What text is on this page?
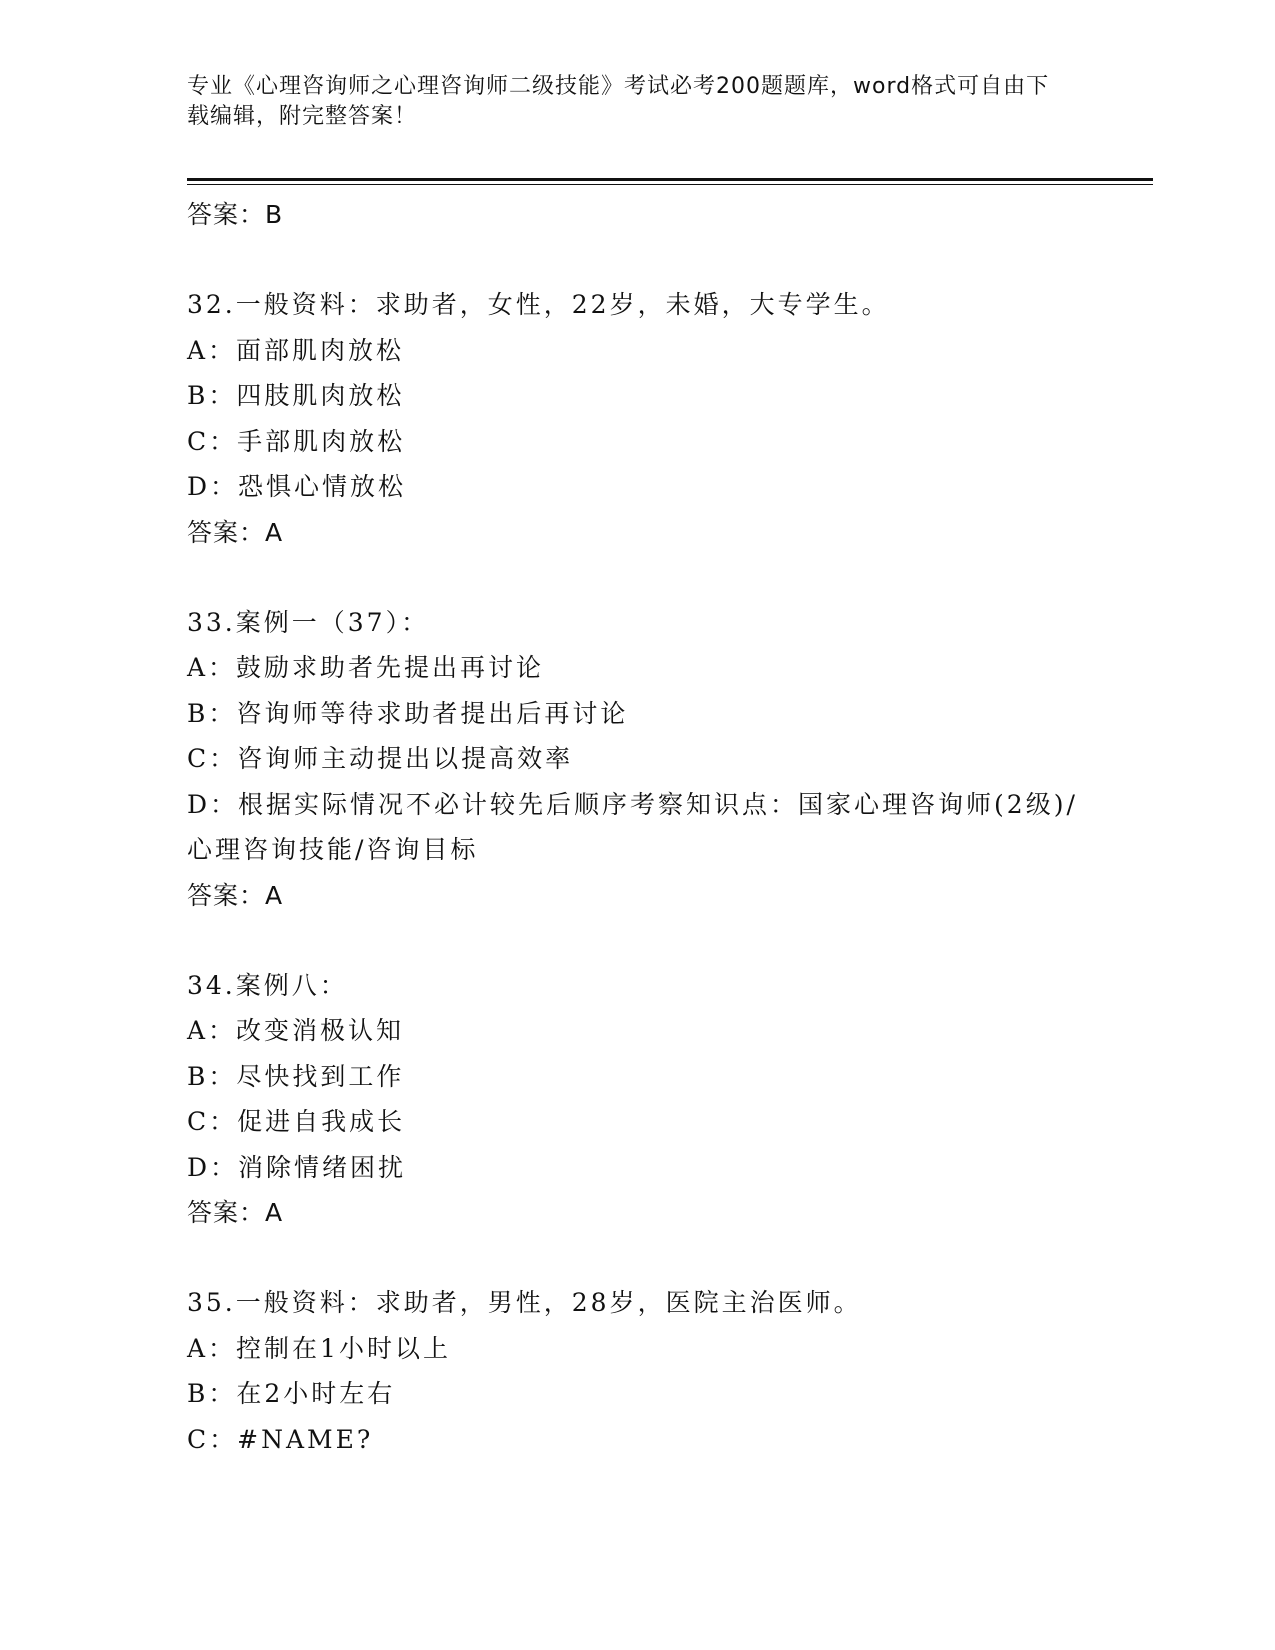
专业《心理咨询师之心理咨询师二级技能》考试必考200题题库，word格式可自由下载编辑，附完整答案！
答案：B
32.一般资料：求助者，女性，22岁，未婚，大专学生。
A：面部肌肉放松
B：四肢肌肉放松
C：手部肌肉放松
D：恐惧心情放松
答案：A
33.案例一（37）：
A：鼓励求助者先提出再讨论
B：咨询师等待求助者提出后再讨论
C：咨询师主动提出以提高效率
D：根据实际情况不必计较先后顺序考察知识点：国家心理咨询师(2级)/心理咨询技能/咨询目标
答案：A
34.案例八：
A：改变消极认知
B：尽快找到工作
C：促进自我成长
D：消除情绪困扰
答案：A
35.一般资料：求助者，男性，28岁，医院主治医师。
A：控制在1小时以上
B：在2小时左右
C：#NAME?
